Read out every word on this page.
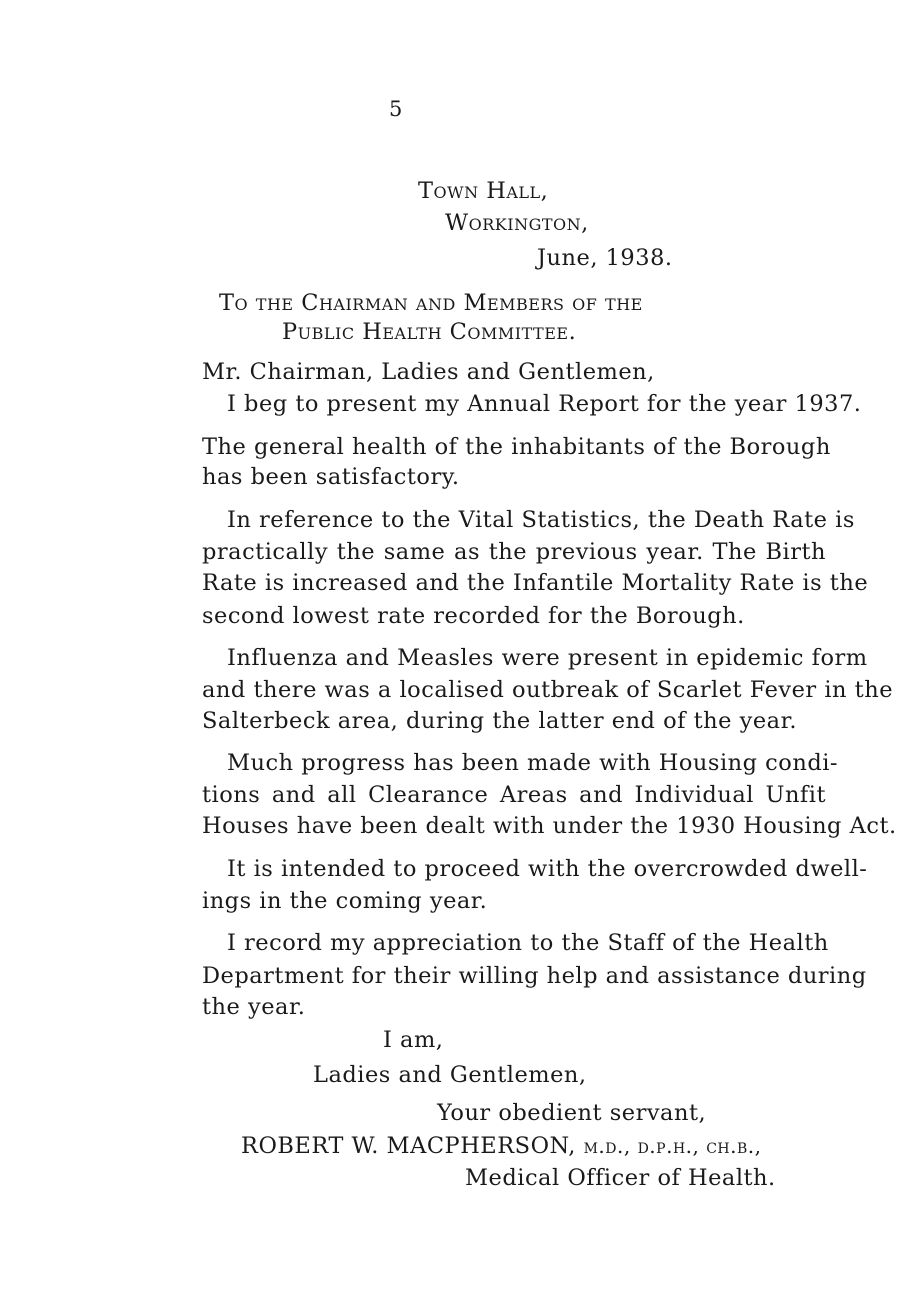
5
Town Hall,
Workington,
June, 1938.
To the Chairman and Members of the
Public Health Committee.
Mr. Chairman, Ladies and Gentlemen,
I beg to present my Annual Report for the year 1937.
The general health of the inhabitants of the Borough
has been satisfactory.
In reference to the Vital Statistics, the Death Rate is
practically the same as the previous year. The Birth
Rate is increased and the Infantile Mortality Rate is the
second lowest rate recorded for the Borough.
Influenza and Measles were present in epidemic form
and there was a localised outbreak of Scarlet Fever in the
Salterbeck area, during the latter end of the year.
Much progress has been made with Housing condi-
tions and all Clearance Areas and Individual Unfit
Houses have been dealt with under the 1930 Housing Act.
It is intended to proceed with the overcrowded dwell-
ings in the coming year.
I record my appreciation to the Staff of the Health
Department for their willing help and assistance during
the year.
I am,
Ladies and Gentlemen,
Your obedient servant,
ROBERT W. MACPHERSON, m.d., d.p.h., ch.b.,
Medical Officer of Health.
